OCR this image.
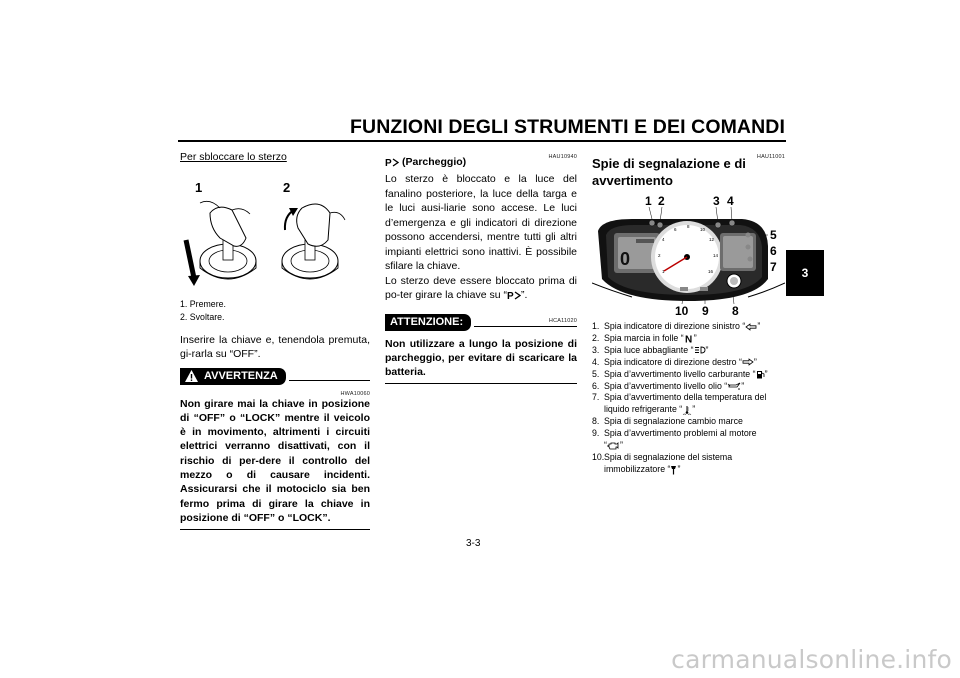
FUNZIONI DEGLI STRUMENTI E DEI COMANDI
3
Per sbloccare lo sterzo
1	2
1. Premere.
2. Svoltare.
Inserire la chiave e, tenendola premuta, gi-rarla su “OFF”.
AVVERTENZA
HWA10060
Non girare mai la chiave in posizione di “OFF” o “LOCK” mentre il veicolo è in movimento, altrimenti i circuiti elettrici verranno disattivati, con il rischio di per-dere il controllo del mezzo o di causare incidenti. Assicurarsi che il motociclo sia ben fermo prima di girare la chiave in posizione di “OFF” o “LOCK”.
HAU10940
P (Parcheggio)
Lo sterzo è bloccato e la luce del fanalino posteriore, la luce della targa e le luci ausi-liarie sono accese. Le luci d’emergenza e gli indicatori di direzione possono accendersi, mentre tutti gli altri impianti elettrici sono inattivi. È possibile sfilare la chiave.
Lo sterzo deve essere bloccato prima di po-ter girare la chiave su “ P ”.
HCA11020
ATTENZIONE:
Non utilizzare a lungo la posizione di parcheggio, per evitare di scaricare la batteria.
HAU11001
Spie di segnalazione e di avvertimento
1 2	3 4
5
6
7
8
9
10
0
1
2
4
6
8
10
12
14
16
1. Spia indicatore di direzione sinistro “ ”
2. Spia marcia in folle “ N ”
3. Spia luce abbagliante “ ”
4. Spia indicatore di direzione destro “ ”
5. Spia d’avvertimento livello carburante “ ”
6. Spia d’avvertimento livello olio “ ”
7. Spia d’avvertimento della temperatura del
liquido refrigerante “ ”
8. Spia di segnalazione cambio marce
9. Spia d’avvertimento problemi al motore
“ ”
10. Spia di segnalazione del sistema
immobilizzatore “ ”
3-3
carmanualsonline.info
